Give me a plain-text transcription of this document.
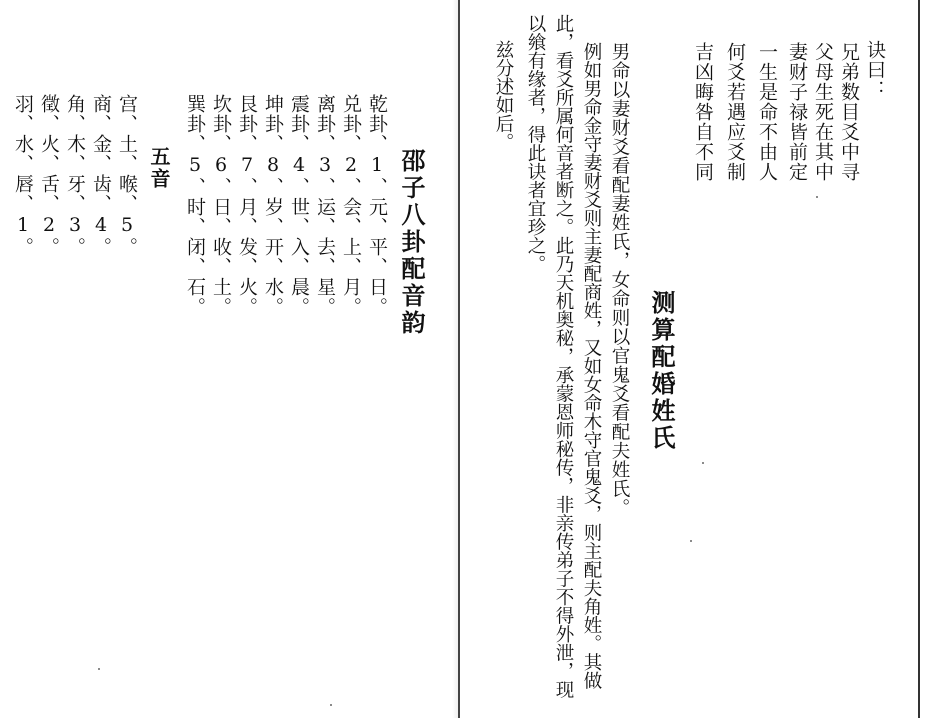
诀曰：
兄弟数目爻中寻
父母生死在其中
妻财子禄皆前定
一生是命不由人
何爻若遇应爻制
吉凶晦咎自不同
测算配婚姓氏
男命以妻财爻看配妻姓氏，女命则以官鬼爻看配夫姓氏。
例如男命金守妻财爻则主妻配商姓，又如女命木守官鬼爻，则主配夫角姓。其做
此，看爻所属何音者断之。此乃天机奥秘，承蒙恩师秘传，非亲传弟子不得外泄，现
以飨有缘者，得此诀者宜珍之。
兹分述如后。
邵子八卦配音韵
乾卦、1、元、平、日。
兑卦、2、会、上、月。
离卦、3、运、去、星。
震卦、4、世、入、晨。
坤卦、8、岁、开、水。
艮卦、7、月、发、火。
坎卦、6、日、收、土。
巽卦、5、时、闭、石。
五音
宫、土、喉、5。
商、金、齿、4。
角、木、牙、3。
徵、火、舌、2。
羽、水、唇、1。
